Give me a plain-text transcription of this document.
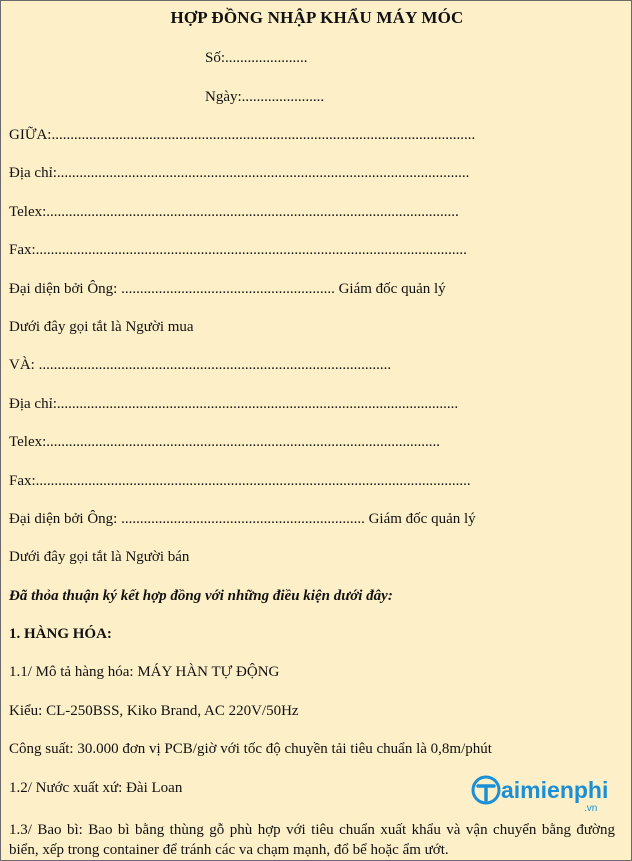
HỢP ĐỒNG NHẬP KHẨU MÁY MÓC
Số:......................
Ngày:......................
GIỮA:.................................................................................................................
Địa chỉ:..............................................................................................................
Telex:..............................................................................................................
Fax:...................................................................................................................
Đại diện bởi Ông: ......................................................... Giám đốc quản lý
Dưới đây gọi tắt là Người mua
VÀ: ..............................................................................................
Địa chỉ:...........................................................................................................
Telex:.........................................................................................................
Fax:....................................................................................................................
Đại diện bởi Ông: ................................................................. Giám đốc quản lý
Dưới đây gọi tắt là Người bán
Đã thỏa thuận ký kết hợp đồng với những điều kiện dưới đây:
1. HÀNG HÓA:
1.1/ Mô tả hàng hóa: MÁY HÀN TỰ ĐỘNG
Kiểu: CL-250BSS, Kiko Brand, AC 220V/50Hz
Công suất: 30.000 đơn vị PCB/giờ với tốc độ chuyền tải tiêu chuẩn là 0,8m/phút
1.2/ Nước xuất xứ: Đài Loan	aimienphi
.vn
1.3/ Bao bì: Bao bì bằng thùng gỗ phù hợp với tiêu chuẩn xuất khẩu và vận chuyển bằng đường biển, xếp trong container để tránh các va chạm mạnh, đổ bể hoặc ẩm ướt.
